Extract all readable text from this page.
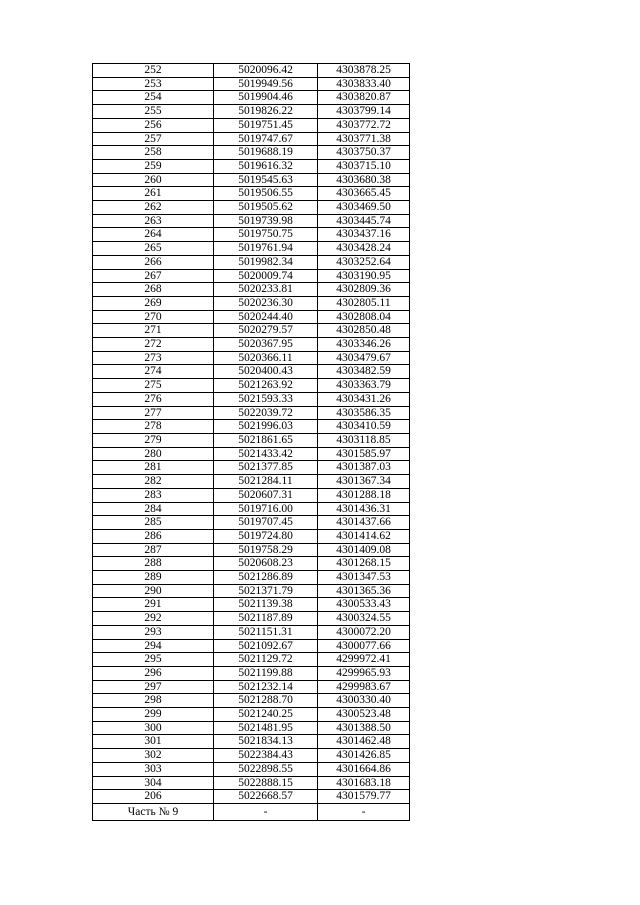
252	5020096.42	4303878.25
253	5019949.56	4303833.40
254	5019904.46	4303820.87
255	5019826.22	4303799.14
256	5019751.45	4303772.72
257	5019747.67	4303771.38
258	5019688.19	4303750.37
259	5019616.32	4303715.10
260	5019545.63	4303680.38
261	5019506.55	4303665.45
262	5019505.62	4303469.50
263	5019739.98	4303445.74
264	5019750.75	4303437.16
265	5019761.94	4303428.24
266	5019982.34	4303252.64
267	5020009.74	4303190.95
268	5020233.81	4302809.36
269	5020236.30	4302805.11
270	5020244.40	4302808.04
271	5020279.57	4302850.48
272	5020367.95	4303346.26
273	5020366.11	4303479.67
274	5020400.43	4303482.59
275	5021263.92	4303363.79
276	5021593.33	4303431.26
277	5022039.72	4303586.35
278	5021996.03	4303410.59
279	5021861.65	4303118.85
280	5021433.42	4301585.97
281	5021377.85	4301387.03
282	5021284.11	4301367.34
283	5020607.31	4301288.18
284	5019716.00	4301436.31
285	5019707.45	4301437.66
286	5019724.80	4301414.62
287	5019758.29	4301409.08
288	5020608.23	4301268.15
289	5021286.89	4301347.53
290	5021371.79	4301365.36
291	5021139.38	4300533.43
292	5021187.89	4300324.55
293	5021151.31	4300072.20
294	5021092.67	4300077.66
295	5021129.72	4299972.41
296	5021199.88	4299965.93
297	5021232.14	4299983.67
298	5021288.70	4300330.40
299	5021240.25	4300523.48
300	5021481.95	4301388.50
301	5021834.13	4301462.48
302	5022384.43	4301426.85
303	5022898.55	4301664.86
304	5022888.15	4301683.18
206	5022668.57	4301579.77
Часть № 9	-	-
